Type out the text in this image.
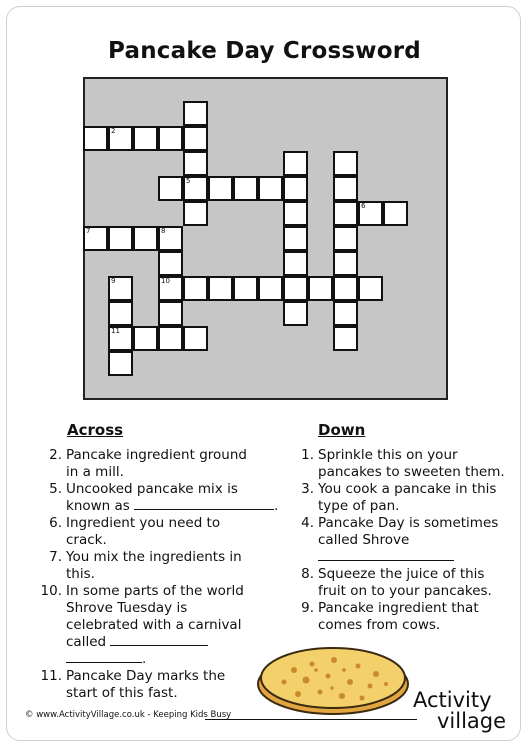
Pancake Day Crossword
2
5
6
7	8
10
9
11
Across
2. Pancake ingredient ground
in a mill.
5. Uncooked pancake mix is
known as	.
6. Ingredient you need to
crack.
7. You mix the ingredients in
this.
10. In some parts of the world
Shrove Tuesday is
celebrated with a carnival
called
.
11. Pancake Day marks the
start of this fast.
Down
1. Sprinkle this on your
pancakes to sweeten them.
3. You cook a pancake in this
type of pan.
4. Pancake Day is sometimes
called Shrove
8. Squeeze the juice of this
fruit on to your pancakes.
9. Pancake ingredient that
comes from cows.
© www.ActivityVillage.co.uk - Keeping Kids Busy
Activity
village
